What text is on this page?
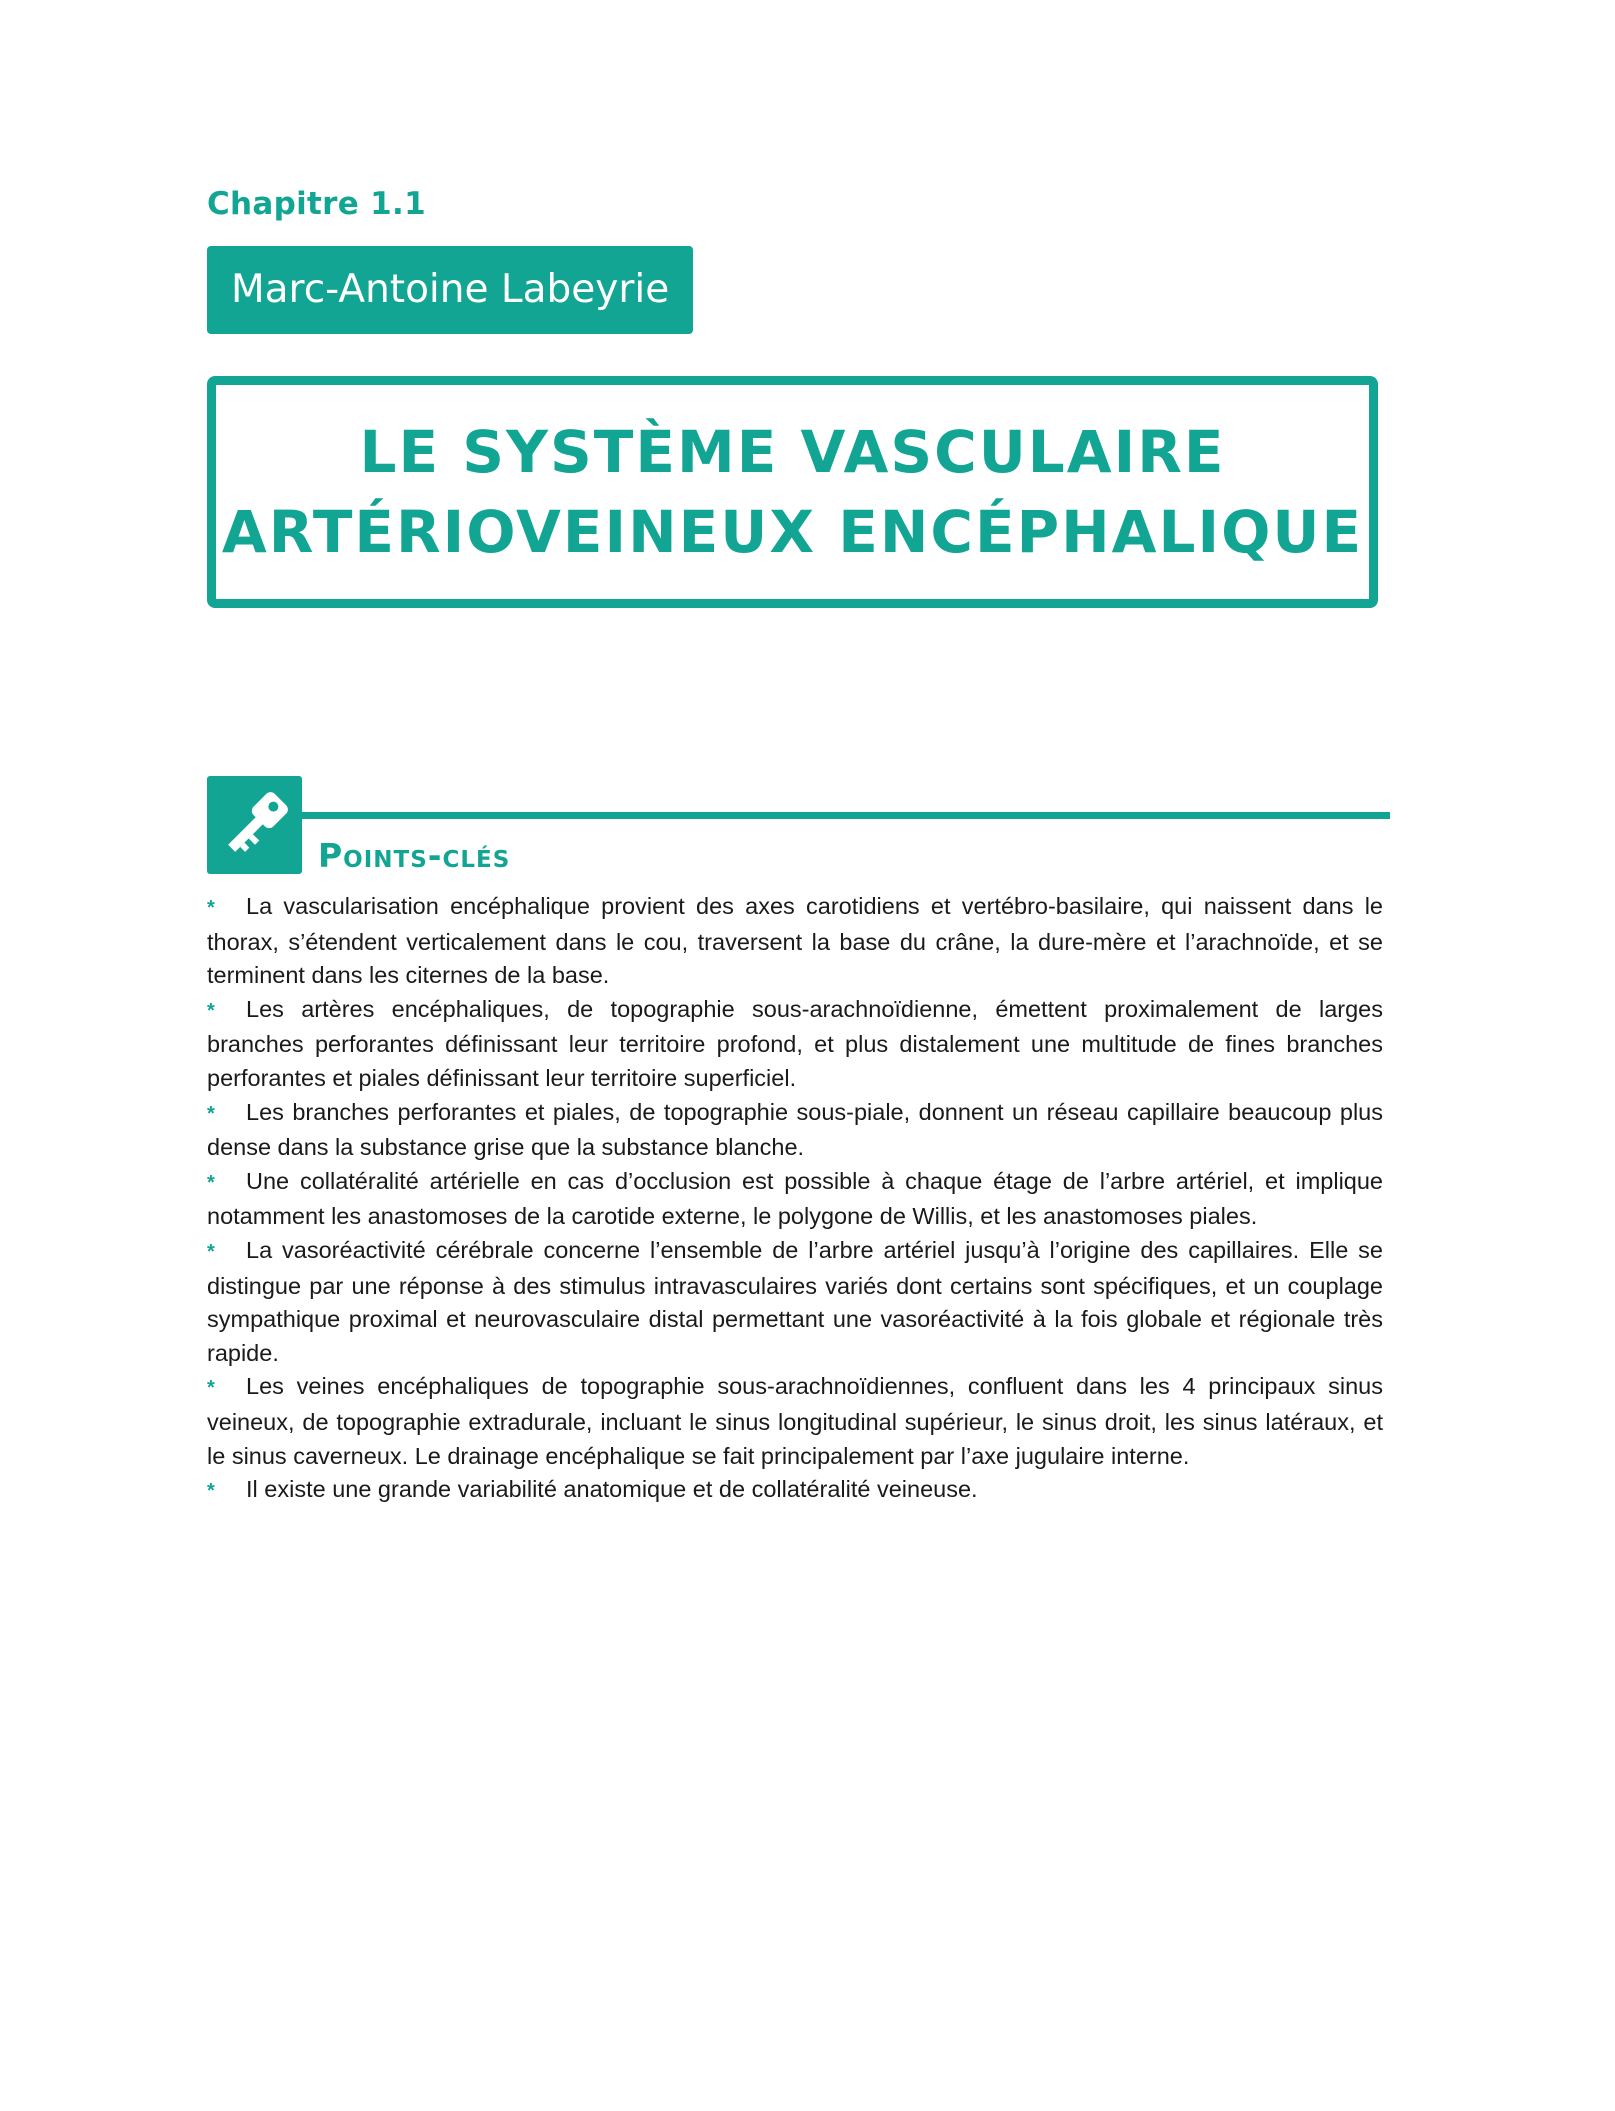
Chapitre 1.1
Marc-Antoine Labeyrie
LE SYSTÈME VASCULAIRE
ARTÉRIOVEINEUX ENCÉPHALIQUE
Points-clés
* La vascularisation encéphalique provient des axes carotidiens et vertébro-basilaire, qui naissent dans le thorax, s’étendent verticalement dans le cou, traversent la base du crâne, la dure-mère et l’arachnoïde, et se terminent dans les citernes de la base.
* Les artères encéphaliques, de topographie sous-arachnoïdienne, émettent proximalement de larges branches perforantes définissant leur territoire profond, et plus distalement une multitude de fines branches perforantes et piales définissant leur territoire superficiel.
* Les branches perforantes et piales, de topographie sous-piale, donnent un réseau capillaire beaucoup plus dense dans la substance grise que la substance blanche.
* Une collatéralité artérielle en cas d’occlusion est possible à chaque étage de l’arbre artériel, et implique notamment les anastomoses de la carotide externe, le polygone de Willis, et les anastomoses piales.
* La vasoréactivité cérébrale concerne l’ensemble de l’arbre artériel jusqu’à l’origine des capillaires. Elle se distingue par une réponse à des stimulus intravasculaires variés dont certains sont spécifiques, et un couplage sympathique proximal et neurovasculaire distal permettant une vasoréactivité à la fois globale et régionale très rapide.
* Les veines encéphaliques de topographie sous-arachnoïdiennes, confluent dans les 4 principaux sinus veineux, de topographie extradurale, incluant le sinus longitudinal supérieur, le sinus droit, les sinus latéraux, et le sinus caverneux. Le drainage encéphalique se fait principalement par l’axe jugulaire interne.
* Il existe une grande variabilité anatomique et de collatéralité veineuse.
